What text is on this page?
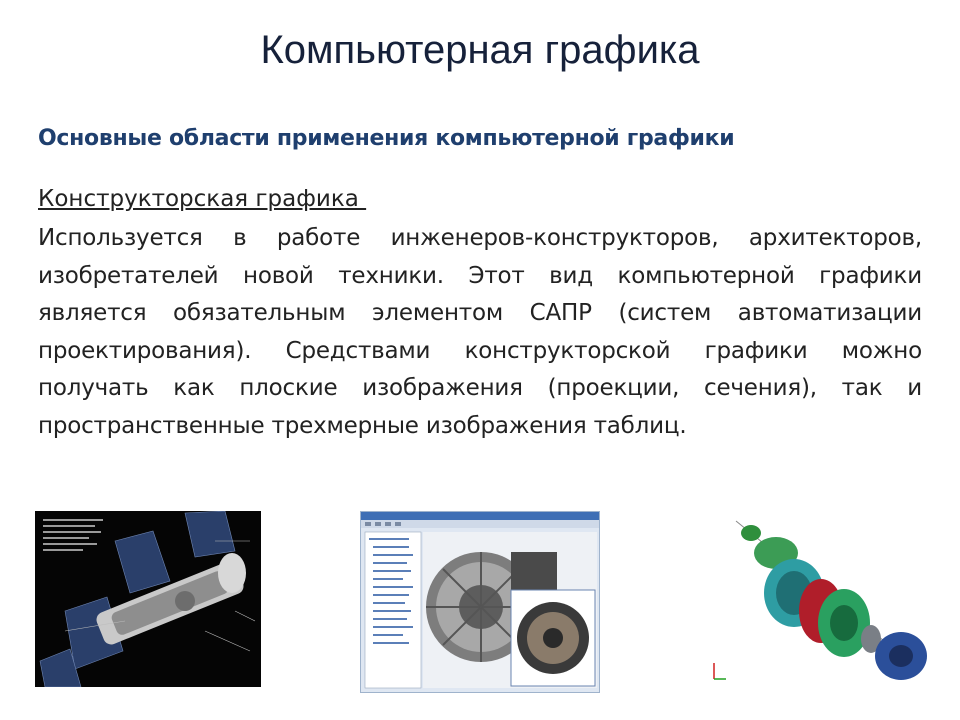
Компьютерная графика
Основные области применения компьютерной графики
Конструкторская графика
Используется в работе инженеров-конструкторов, архитекторов, изобретателей новой техники. Этот вид компьютерной графики является обязательным элементом САПР (систем автоматизации проектирования). Средствами конструкторской графики можно получать как плоские изображения (проекции, сечения), так и пространственные трехмерные изображения таблиц.
